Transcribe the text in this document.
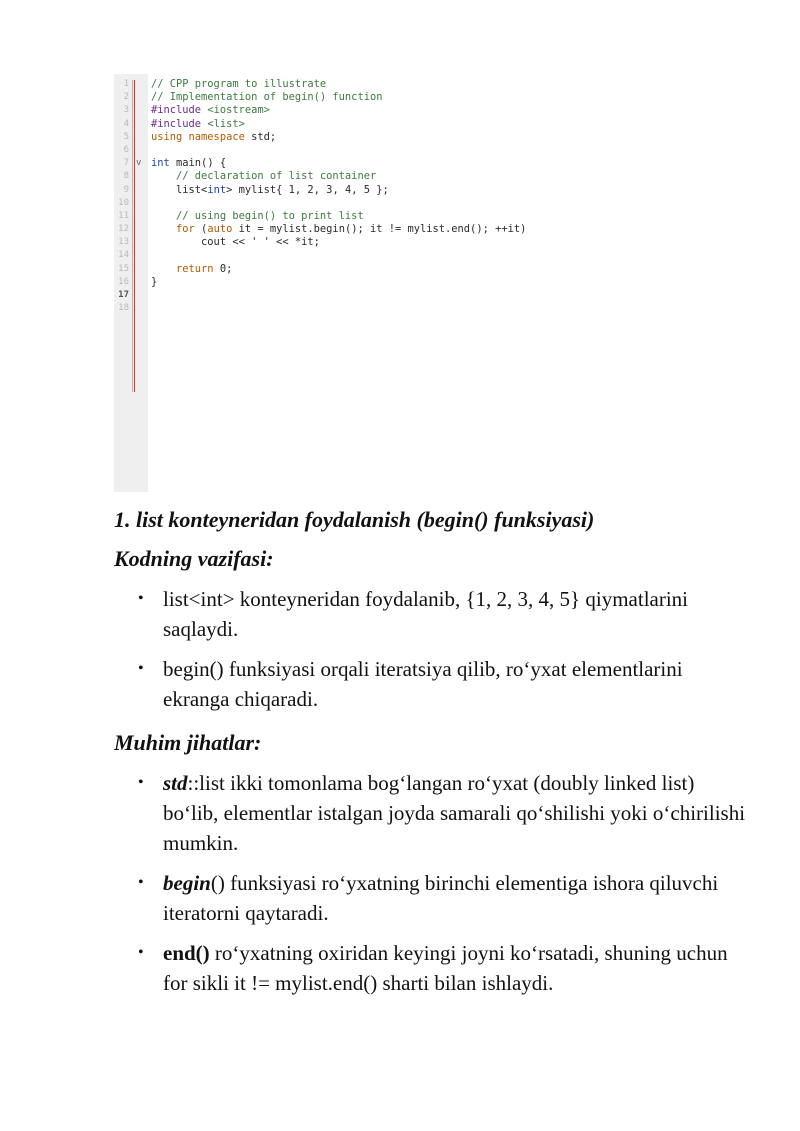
1 // CPP program to illustrate
2 // Implementation of begin() function
3 #include <iostream>
4 #include <list>
5 using namespace std;
6
7 v int main() {
8 // declaration of list container
9 list<int> mylist{ 1, 2, 3, 4, 5 };
10
11 // using begin() to print list
12 for (auto it = mylist.begin(); it != mylist.end(); ++it)
13 cout << ' ' << *it;
14
15 return 0;
16 }
17
18
1. list konteyneridan foydalanish (begin() funksiyasi)
Kodning vazifasi:
• list<int> konteyneridan foydalanib, {1, 2, 3, 4, 5} qiymatlarini saqlaydi.
• begin() funksiyasi orqali iteratsiya qilib, ro‘yxat elementlarini ekranga chiqaradi.
Muhim jihatlar:
• std::list ikki tomonlama bog‘langan ro‘yxat (doubly linked list) bo‘lib, elementlar istalgan joyda samarali qo‘shilishi yoki o‘chirilishi mumkin.
• begin() funksiyasi ro‘yxatning birinchi elementiga ishora qiluvchi iteratorni qaytaradi.
• end() ro‘yxatning oxiridan keyingi joyni ko‘rsatadi, shuning uchun for sikli it != mylist.end() sharti bilan ishlaydi.
